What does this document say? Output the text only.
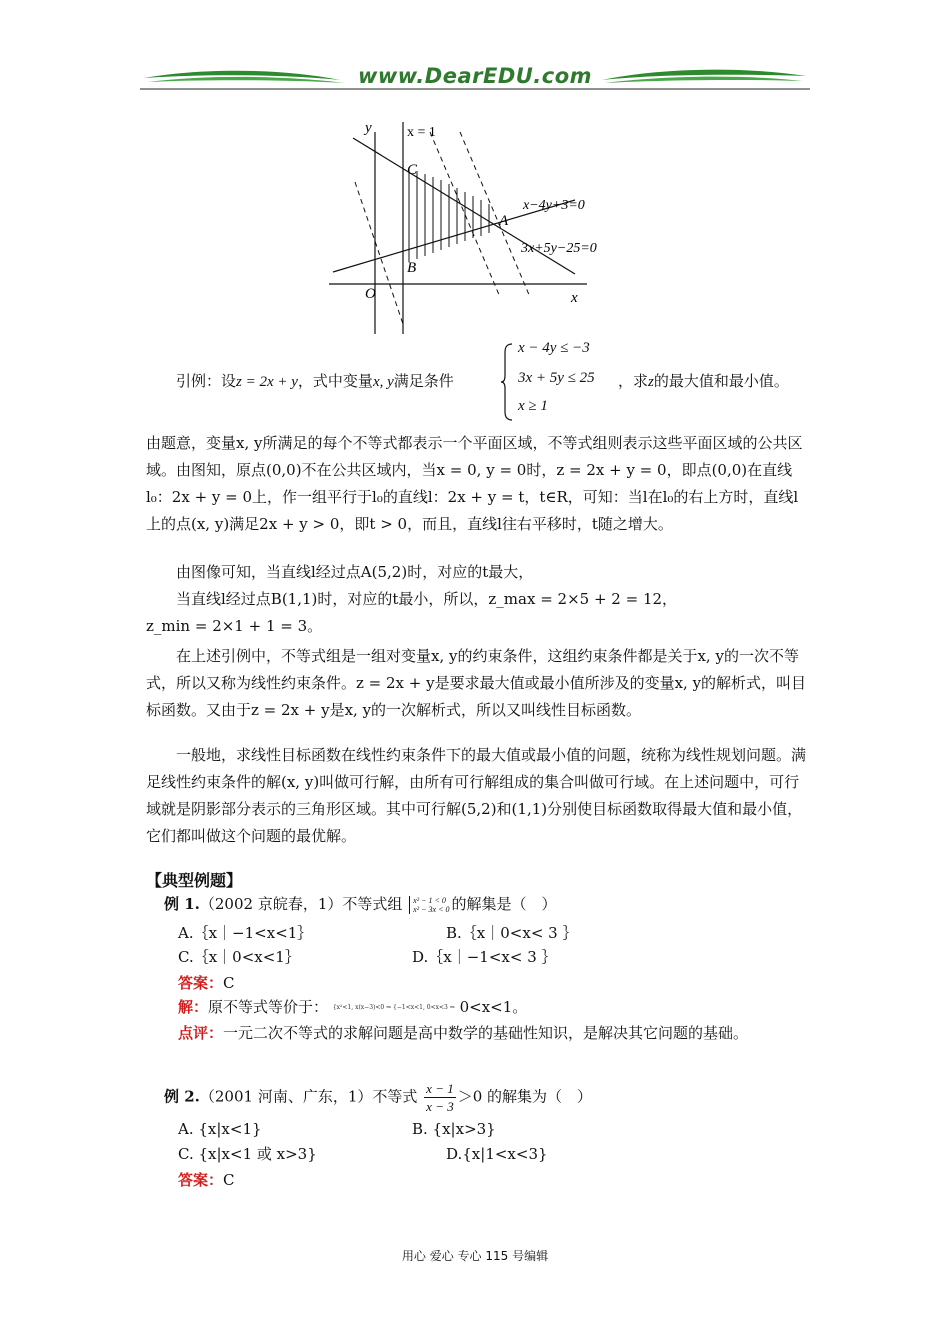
www.DearEDU.com
y
x
O
C
A
B
x = 1
x−4y+3=0
3x+5y−25=0
引例：设z = 2x + y，式中变量x, y满足条件
x − 4y ≤ −3
3x + 5y ≤ 25
x ≥ 1
，求z的最大值和最小值。

由题意，变量x, y所满足的每个不等式都表示一个平面区域，不等式组则表示这些平面区域的公共区域。由图知，原点(0,0)不在公共区域内，当x = 0, y = 0时，z = 2x + y = 0，即点(0,0)在直线l₀：2x + y = 0上，作一组平行于l₀的直线l：2x + y = t，t∈R，可知：当l在l₀的右上方时，直线l上的点(x, y)满足2x + y > 0，即t > 0，而且，直线l往右平移时，t随之增大。

由图像可知，当直线l经过点A(5,2)时，对应的t最大，

当直线l经过点B(1,1)时，对应的t最小，所以，z_max = 2×5 + 2 = 12，

z_min = 2×1 + 1 = 3。

在上述引例中，不等式组是一组对变量x, y的约束条件，这组约束条件都是关于x, y的一次不等式，所以又称为线性约束条件。z = 2x + y是要求最大值或最小值所涉及的变量x, y的解析式，叫目标函数。又由于z = 2x + y是x, y的一次解析式，所以又叫线性目标函数。

一般地，求线性目标函数在线性约束条件下的最大值或最小值的问题，统称为线性规划问题。满足线性约束条件的解(x, y)叫做可行解，由所有可行解组成的集合叫做可行域。在上述问题中，可行域就是阴影部分表示的三角形区域。其中可行解(5,2)和(1,1)分别使目标函数取得最大值和最小值，它们都叫做这个问题的最优解。

【典型例题】
例 1.（2002 京皖春，1）不等式组 x² − 1 < 0
x² − 3x < 0 的解集是（　）
A.｛x｜−1<x<1｝	B.｛x｜0<x< 3 ｝
C.｛x｜0<x<1｝	D.｛x｜−1<x< 3 ｝
答案：C
解：原不等式等价于： {x²<1, x(x−3)<0 ⇒ {−1<x<1, 0<x<3 ⇒ 0<x<1。
点评：一元二次不等式的求解问题是高中数学的基础性知识，是解决其它问题的基础。
例 2.（2001 河南、广东，1）不等式 $\frac{x - 1}{x - 3} >0$ 的解集为（　）
A. {x|x<1}	B. {x|x>3}
C. {x|x<1 或 x>3}	D.{x|1<x<3}
答案：C
用心 爱心 专心 115 号编辑
